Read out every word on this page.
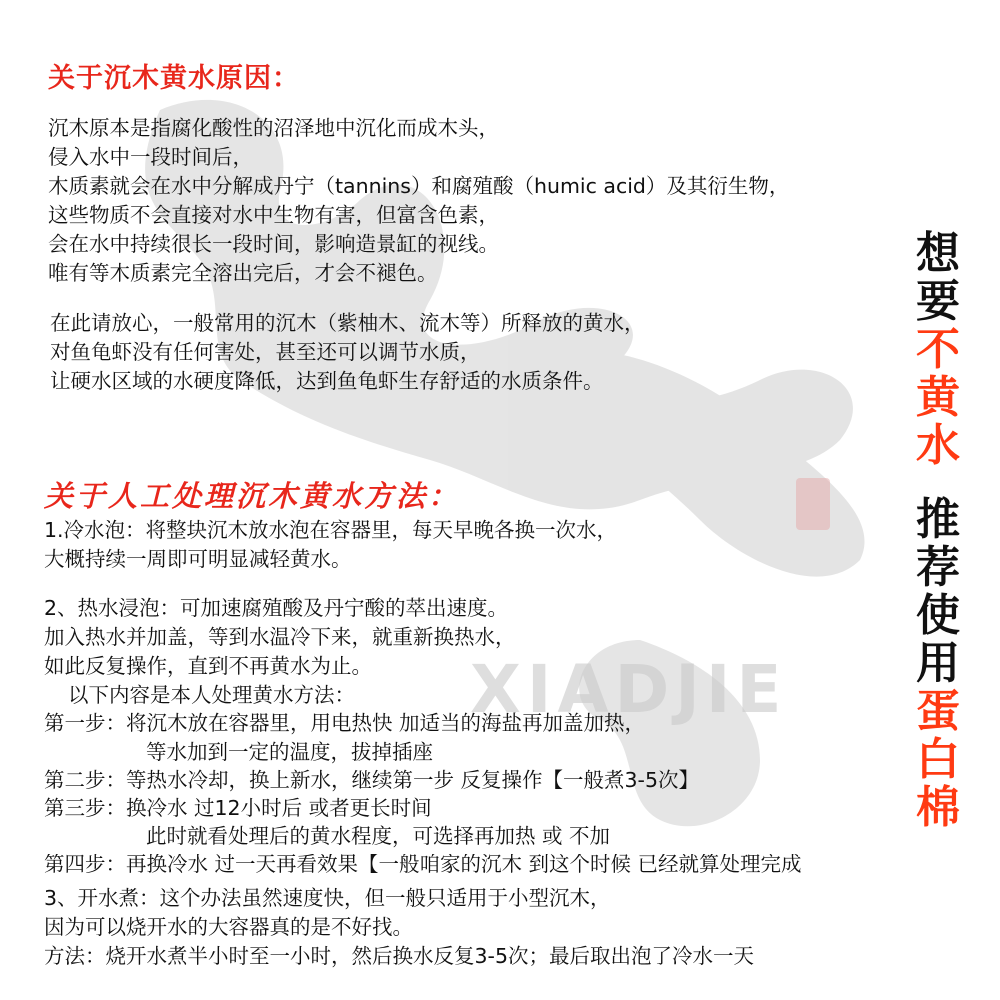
XIADJIE
关于沉木黄水原因：
沉木原本是指腐化酸性的沼泽地中沉化而成木头，
侵入水中一段时间后，
木质素就会在水中分解成丹宁（tannins）和腐殖酸（humic acid）及其衍生物，
这些物质不会直接对水中生物有害，但富含色素，
会在水中持续很长一段时间，影响造景缸的视线。
唯有等木质素完全溶出完后，才会不褪色。
在此请放心，一般常用的沉木（紫柚木、流木等）所释放的黄水，
对鱼龟虾没有任何害处，甚至还可以调节水质，
让硬水区域的水硬度降低，达到鱼龟虾生存舒适的水质条件。
关于人工处理沉木黄水方法：
1.冷水泡：将整块沉木放水泡在容器里，每天早晚各换一次水，
大概持续一周即可明显减轻黄水。
2、热水浸泡：可加速腐殖酸及丹宁酸的萃出速度。
加入热水并加盖，等到水温冷下来，就重新换热水，
如此反复操作，直到不再黄水为止。
以下内容是本人处理黄水方法：
第一步：将沉木放在容器里，用电热快 加适当的海盐再加盖加热，
等水加到一定的温度，拔掉插座
第二步：等热水冷却，换上新水，继续第一步 反复操作【一般煮3-5次】
第三步：换冷水 过12小时后 或者更长时间
此时就看处理后的黄水程度，可选择再加热 或 不加
第四步：再换冷水 过一天再看效果【一般咱家的沉木 到这个时候 已经就算处理完成
3、开水煮：这个办法虽然速度快，但一般只适用于小型沉木，
因为可以烧开水的大容器真的是不好找。
方法：烧开水煮半小时至一小时，然后换水反复3-5次；最后取出泡了冷水一天
想
要
不
黄
水
推
荐
使
用
蛋
白
棉
